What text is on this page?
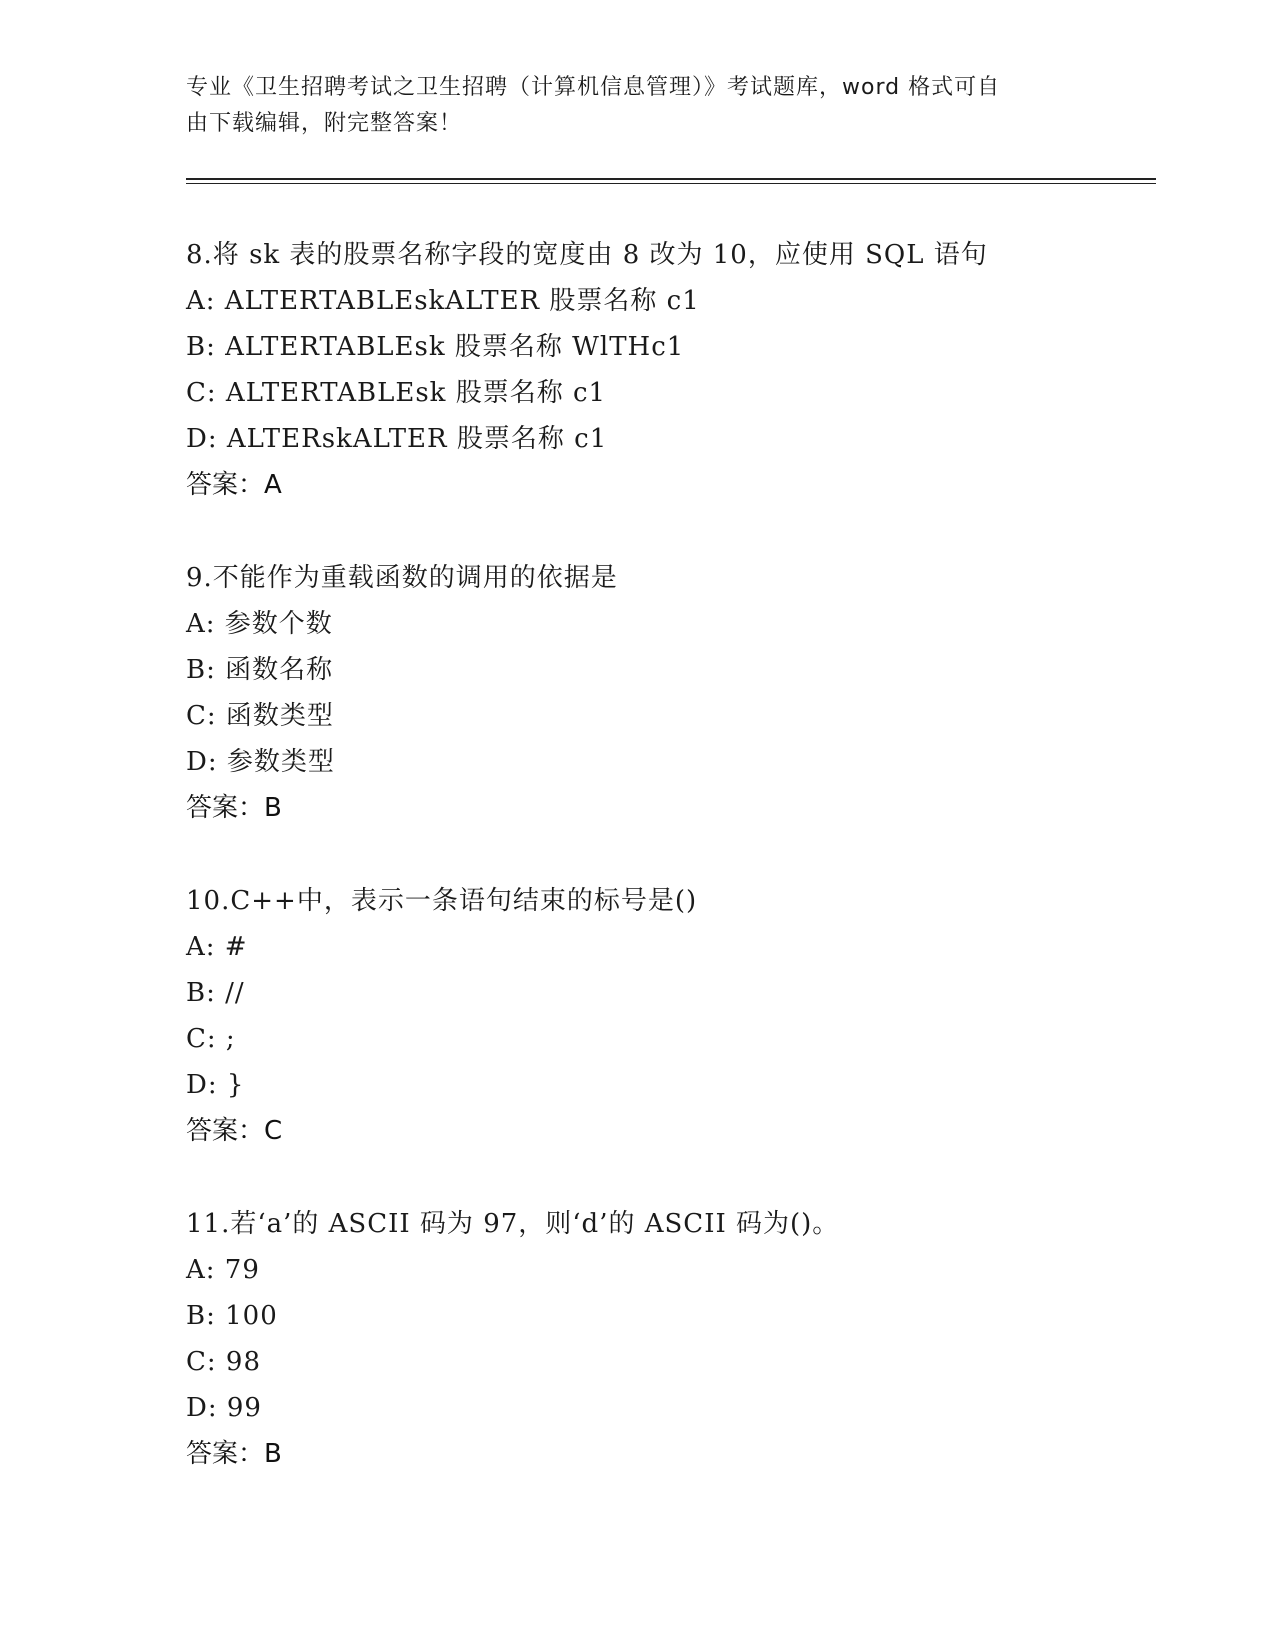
专业《卫生招聘考试之卫生招聘（计算机信息管理）》考试题库，word 格式可自
由下载编辑，附完整答案！
8.将 sk 表的股票名称字段的宽度由 8 改为 10，应使用 SQL 语句
A: ALTERTABLEskALTER 股票名称 c1
B: ALTERTABLEsk 股票名称 WlTHc1
C: ALTERTABLEsk 股票名称 c1
D: ALTERskALTER 股票名称 c1
答案：A
9.不能作为重载函数的调用的依据是
A: 参数个数
B: 函数名称
C: 函数类型
D: 参数类型
答案：B
10.C++中，表示一条语句结束的标号是()
A: #
B: //
C: ;
D: }
答案：C
11.若‘a’的 ASCII 码为 97，则‘d’的 ASCII 码为()。
A: 79
B: 100
C: 98
D: 99
答案：B
